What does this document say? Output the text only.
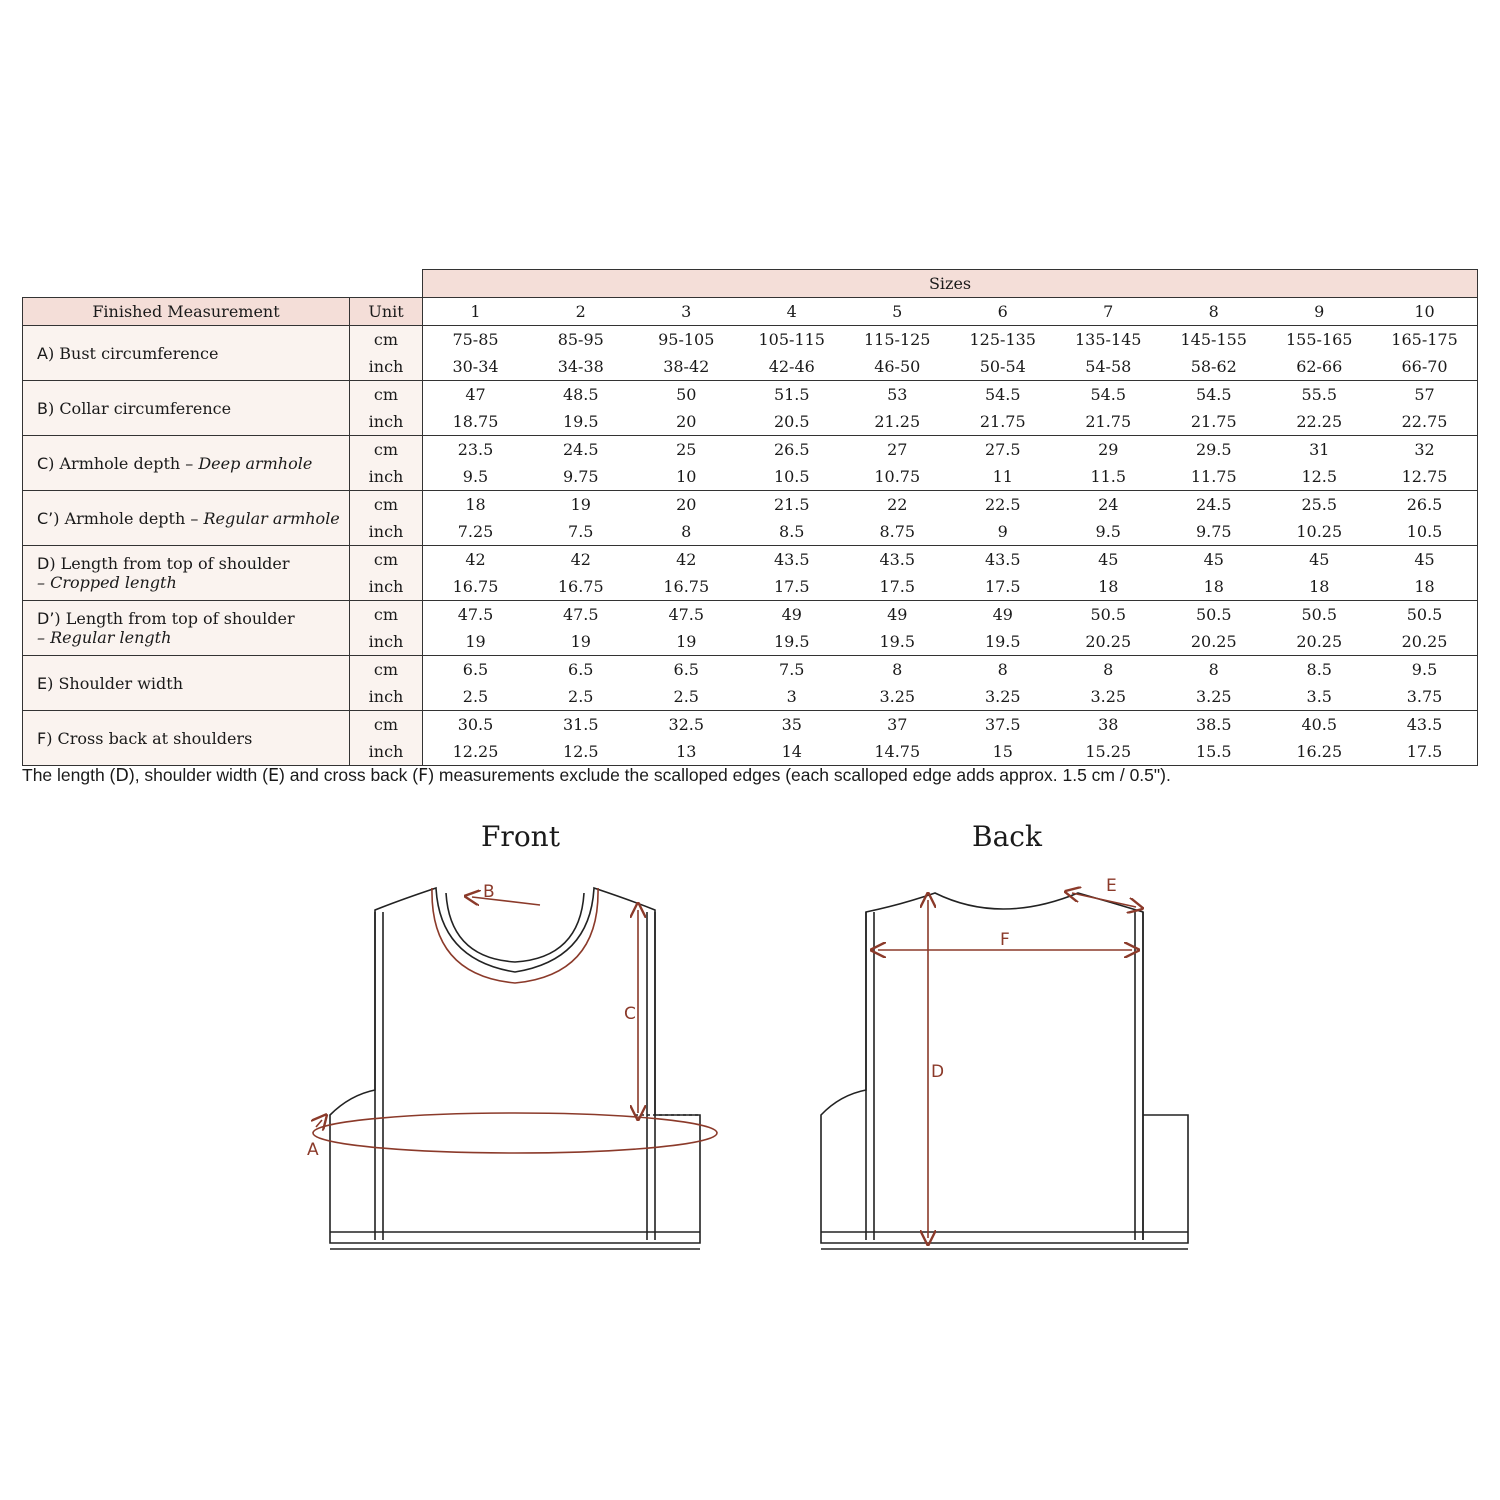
		Sizes									
Finished Measurement	Unit	1	2	3	4	5	6	7	8	9	10
A) Bust circumference	cm	75-85	85-95	95-105	105-115	115-125	125-135	135-145	145-155	155-165	165-175
	inch	30-34	34-38	38-42	42-46	46-50	50-54	54-58	58-62	62-66	66-70
B) Collar circumference	cm	47	48.5	50	51.5	53	54.5	54.5	54.5	55.5	57
	inch	18.75	19.5	20	20.5	21.25	21.75	21.75	21.75	22.25	22.75
C) Armhole depth – Deep armhole	cm	23.5	24.5	25	26.5	27	27.5	29	29.5	31	32
	inch	9.5	9.75	10	10.5	10.75	11	11.5	11.75	12.5	12.75
C’) Armhole depth – Regular armhole	cm	18	19	20	21.5	22	22.5	24	24.5	25.5	26.5
	inch	7.25	7.5	8	8.5	8.75	9	9.5	9.75	10.25	10.5
D) Length from top of shoulder
– Cropped length	cm	42	42	42	43.5	43.5	43.5	45	45	45	45
	inch	16.75	16.75	16.75	17.5	17.5	17.5	18	18	18	18
D’) Length from top of shoulder
– Regular length	cm	47.5	47.5	47.5	49	49	49	50.5	50.5	50.5	50.5
	inch	19	19	19	19.5	19.5	19.5	20.25	20.25	20.25	20.25
E) Shoulder width	cm	6.5	6.5	6.5	7.5	8	8	8	8	8.5	9.5
	inch	2.5	2.5	2.5	3	3.25	3.25	3.25	3.25	3.5	3.75
F) Cross back at shoulders	cm	30.5	31.5	32.5	35	37	37.5	38	38.5	40.5	43.5
	inch	12.25	12.5	13	14	14.75	15	15.25	15.5	16.25	17.5
The length (D), shoulder width (E) and cross back (F) measurements exclude the scalloped edges (each scalloped edge adds approx. 1.5 cm / 0.5").
Front	Back
B
C
A
F
D
E
